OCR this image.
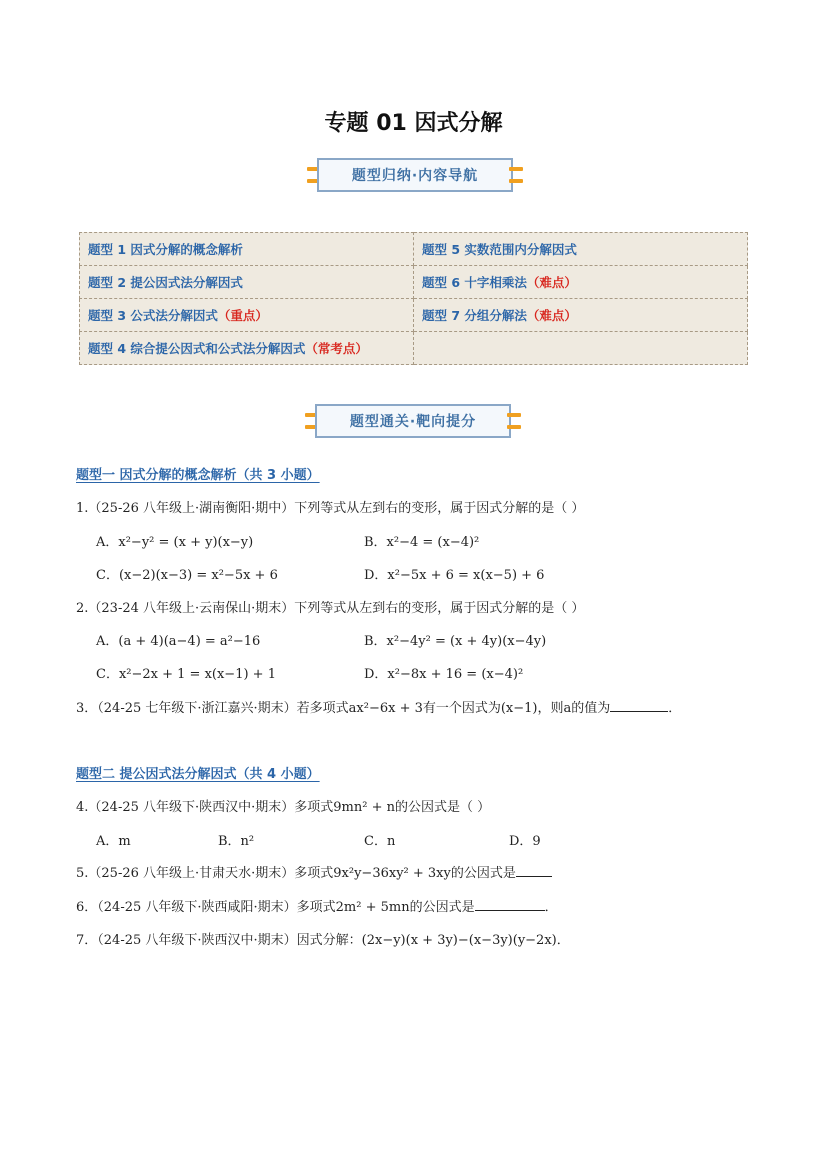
专题 01 因式分解
题型归纳·内容导航
题型 1 因式分解的概念解析	题型 5 实数范围内分解因式
题型 2 提公因式法分解因式	题型 6 十字相乘法（难点）
题型 3 公式法分解因式（重点）	题型 7 分组分解法（难点）
题型 4 综合提公因式和公式法分解因式（常考点）	
题型通关·靶向提分
题型一 因式分解的概念解析（共 3 小题）
1.（25-26 八年级上·湖南衡阳·期中）下列等式从左到右的变形，属于因式分解的是（ ）
A．x²−y² = (x + y)(x−y)	B．x²−4 = (x−4)²
C．(x−2)(x−3) = x²−5x + 6	D．x²−5x + 6 = x(x−5) + 6
2.（23-24 八年级上·云南保山·期末）下列等式从左到右的变形，属于因式分解的是（ ）
A．(a + 4)(a−4) = a²−16	B．x²−4y² = (x + 4y)(x−4y)
C．x²−2x + 1 = x(x−1) + 1	D．x²−8x + 16 = (x−4)²
3．（24-25 七年级下·浙江嘉兴·期末）若多项式ax²−6x + 3有一个因式为(x−1)，则a的值为	．
题型二 提公因式法分解因式（共 4 小题）
4.（24-25 八年级下·陕西汉中·期末）多项式9mn² + n的公因式是（ ）
A．m	B．n²	C．n	D．9
5.（25-26 八年级上·甘肃天水·期末）多项式9x²y−36xy² + 3xy的公因式是
6．（24-25 八年级下·陕西咸阳·期末）多项式2m² + 5mn的公因式是	．
7．（24-25 八年级下·陕西汉中·期末）因式分解：(2x−y)(x + 3y)−(x−3y)(y−2x)．
